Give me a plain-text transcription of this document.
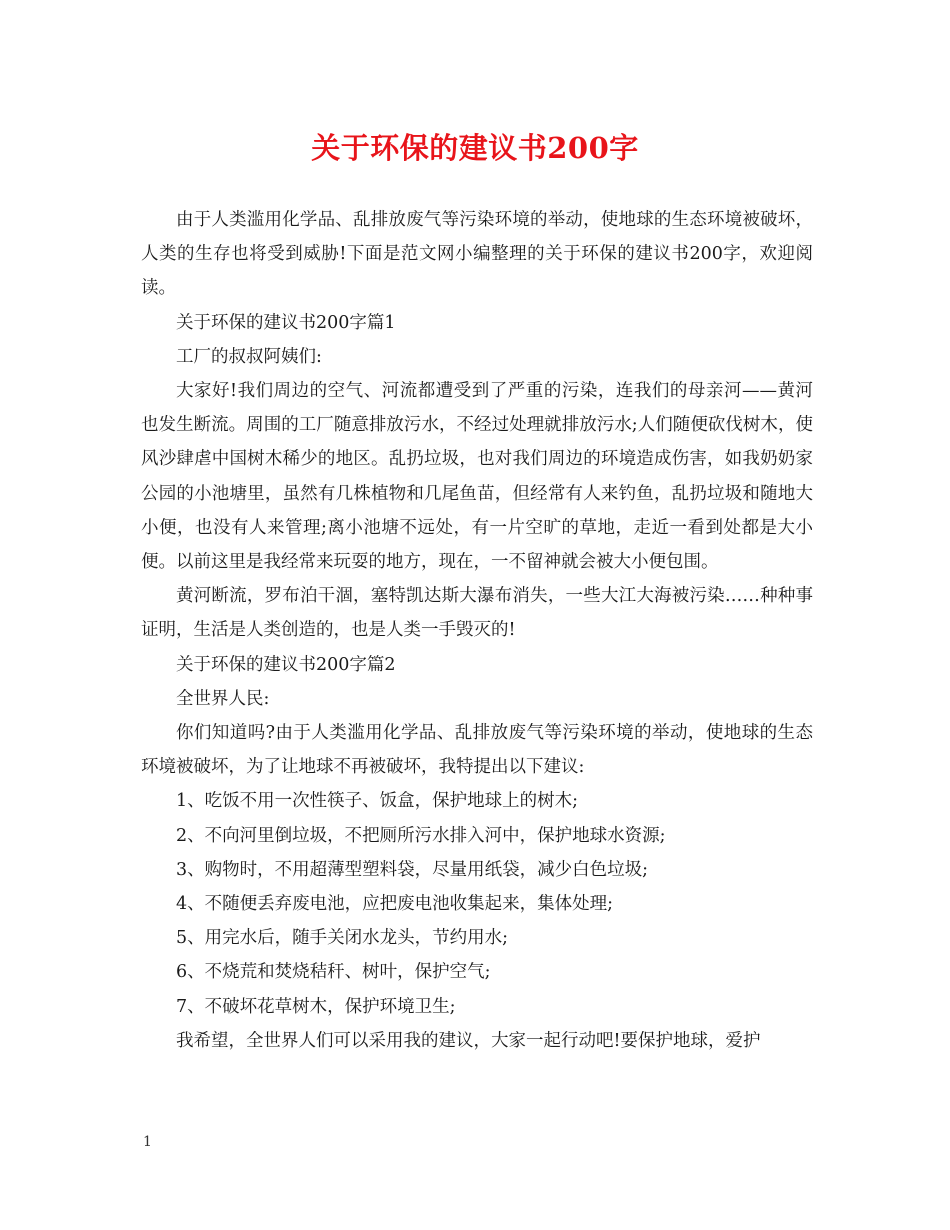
关于环保的建议书200字

由于人类滥用化学品、乱排放废气等污染环境的举动，使地球的生态环境被破坏，人类的生存也将受到威胁!下面是范文网小编整理的关于环保的建议书200字，欢迎阅读。

关于环保的建议书200字篇1

工厂的叔叔阿姨们:

大家好!我们周边的空气、河流都遭受到了严重的污染，连我们的母亲河——黄河也发生断流。周围的工厂随意排放污水，不经过处理就排放污水;人们随便砍伐树木，使风沙肆虐中国树木稀少的地区。乱扔垃圾，也对我们周边的环境造成伤害，如我奶奶家公园的小池塘里，虽然有几株植物和几尾鱼苗，但经常有人来钓鱼，乱扔垃圾和随地大小便，也没有人来管理;离小池塘不远处，有一片空旷的草地，走近一看到处都是大小便。以前这里是我经常来玩耍的地方，现在，一不留神就会被大小便包围。

黄河断流，罗布泊干涸，塞特凯达斯大瀑布消失，一些大江大海被污染……种种事证明，生活是人类创造的，也是人类一手毁灭的!

关于环保的建议书200字篇2

全世界人民:

你们知道吗?由于人类滥用化学品、乱排放废气等污染环境的举动，使地球的生态环境被破坏，为了让地球不再被破坏，我特提出以下建议:

1、吃饭不用一次性筷子、饭盒，保护地球上的树木;

2、不向河里倒垃圾，不把厕所污水排入河中，保护地球水资源;

3、购物时，不用超薄型塑料袋，尽量用纸袋，减少白色垃圾;

4、不随便丢弃废电池，应把废电池收集起来，集体处理;

5、用完水后，随手关闭水龙头，节约用水;

6、不烧荒和焚烧秸秆、树叶，保护空气;

7、不破坏花草树木，保护环境卫生;

我希望，全世界人们可以采用我的建议，大家一起行动吧!要保护地球，爱护

1
